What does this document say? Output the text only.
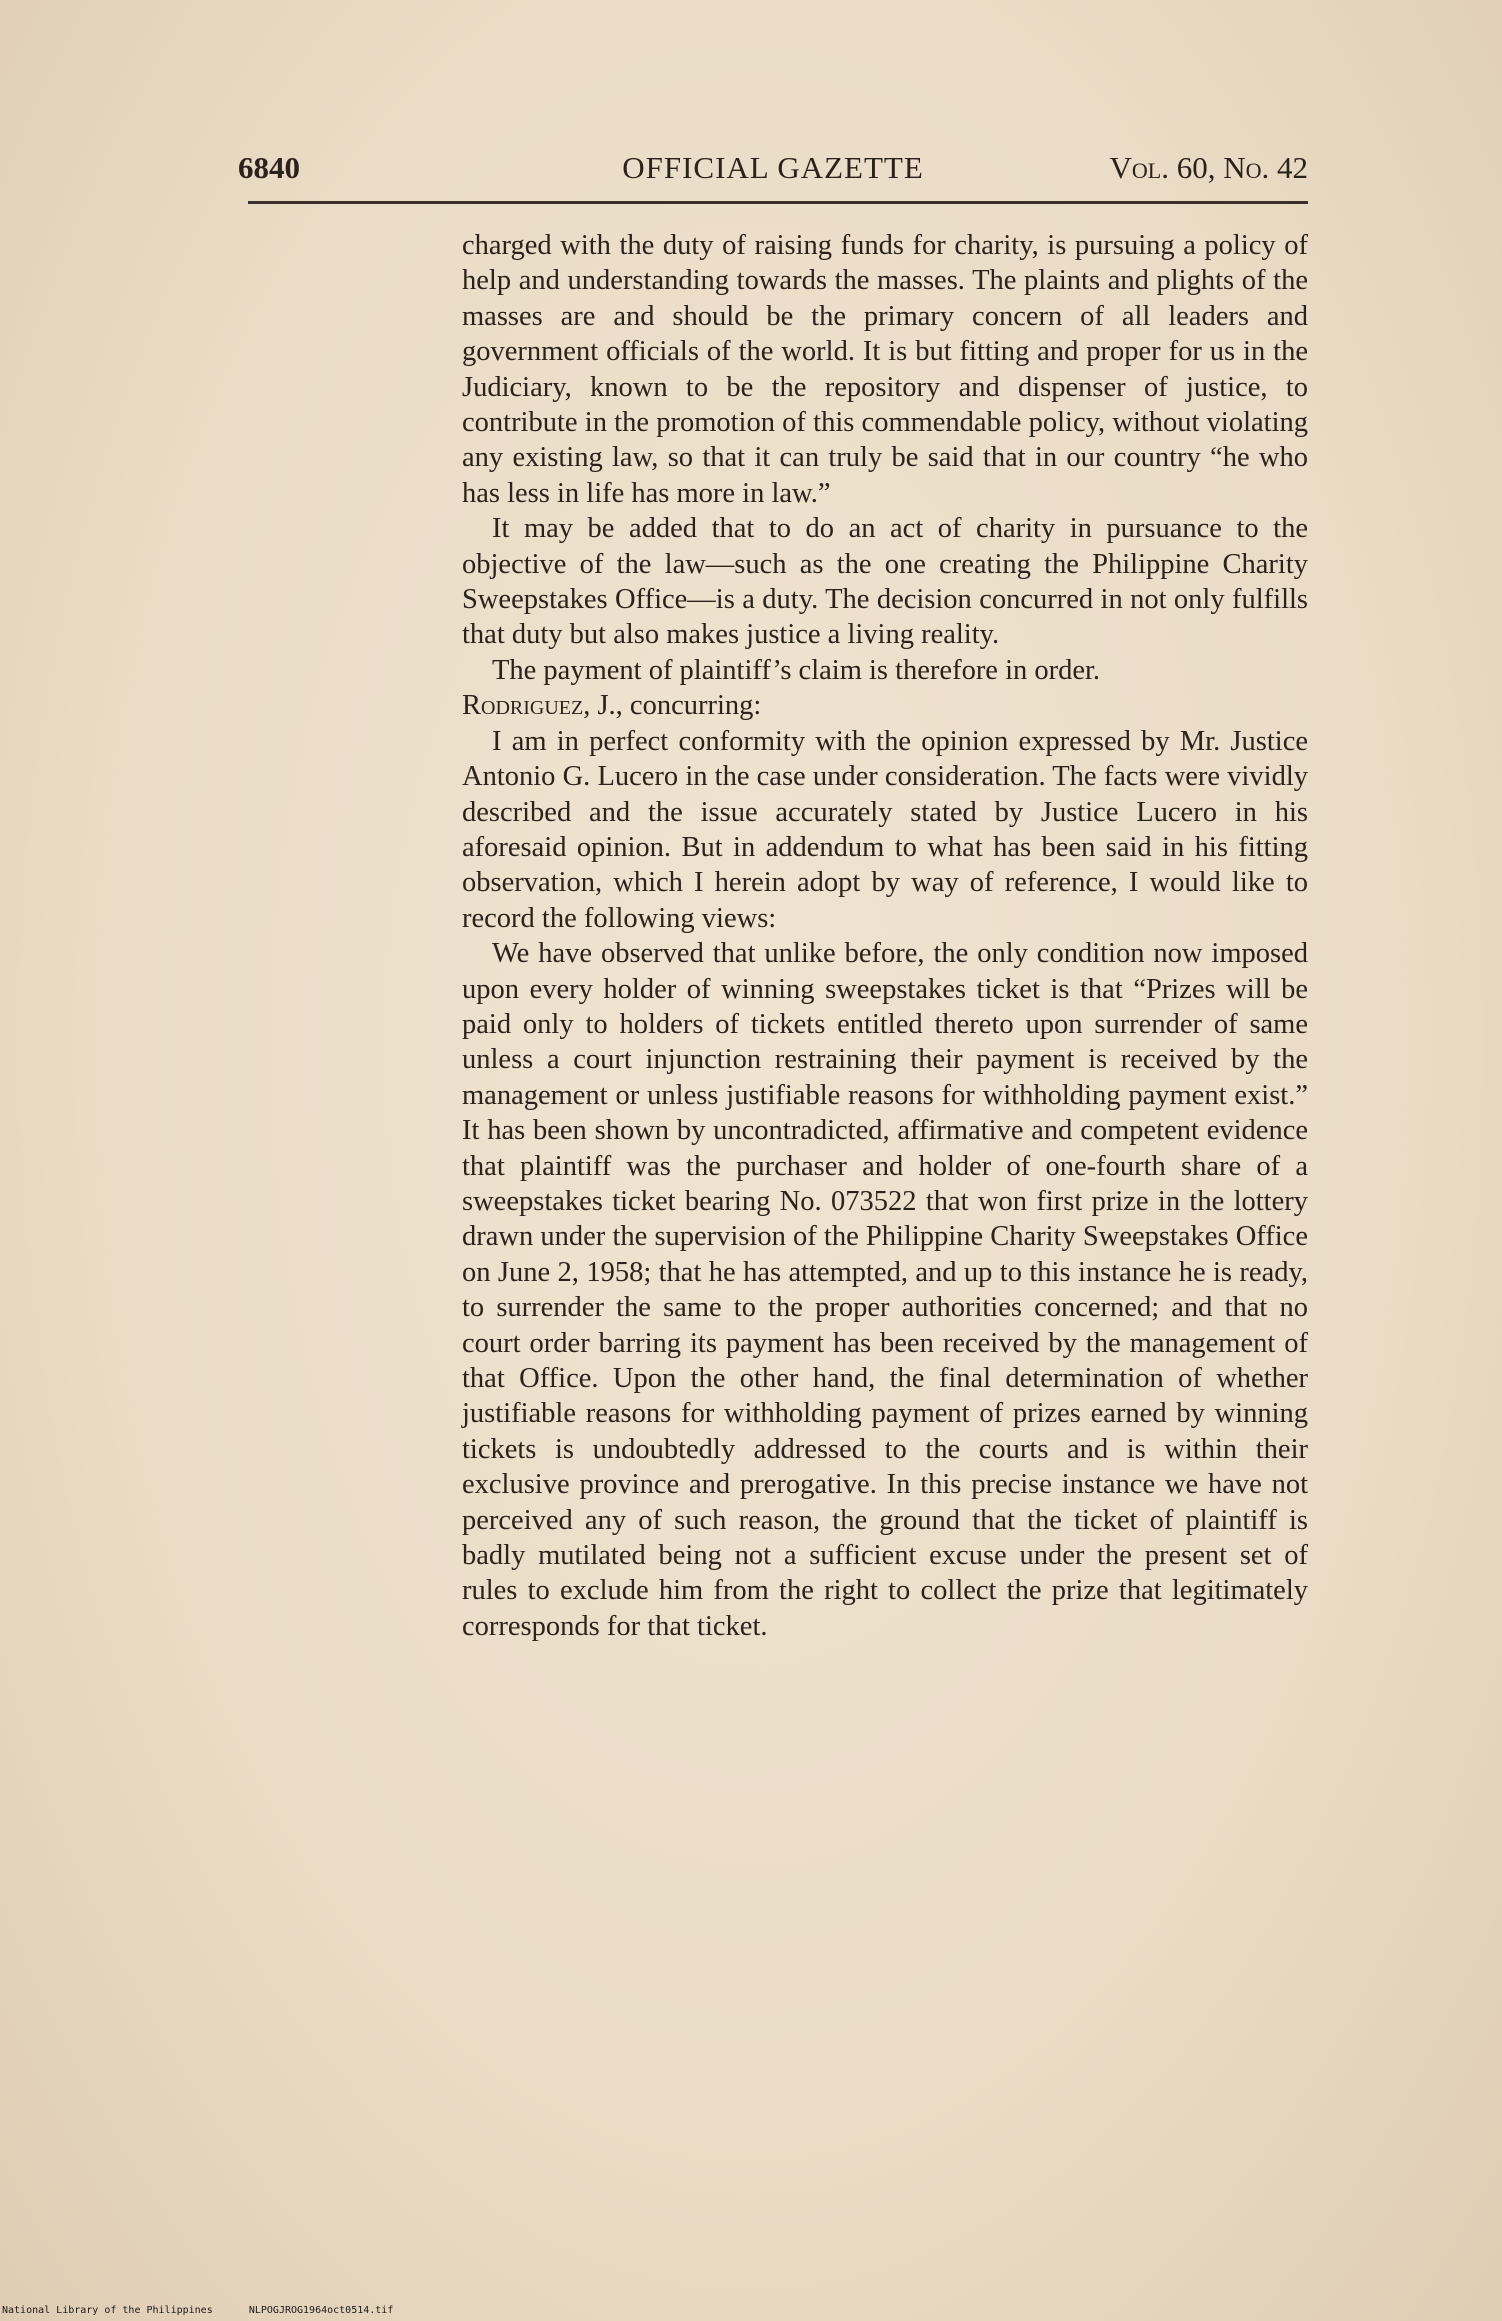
6840	OFFICIAL GAZETTE	Vol. 60, No. 42

charged with the duty of raising funds for charity, is pursuing a policy of help and understanding towards the masses. The plaints and plights of the masses are and should be the primary concern of all leaders and government officials of the world. It is but fitting and proper for us in the Judiciary, known to be the repository and dispenser of justice, to contribute in the promotion of this commendable policy, without violating any existing law, so that it can truly be said that in our country “he who has less in life has more in law.”

It may be added that to do an act of charity in pursuance to the objective of the law—such as the one creating the Philippine Charity Sweepstakes Office—is a duty. The decision concurred in not only fulfills that duty but also makes justice a living reality.

The payment of plaintiff’s claim is therefore in order.

Rodriguez, J., concurring:

I am in perfect conformity with the opinion expressed by Mr. Justice Antonio G. Lucero in the case under consideration. The facts were vividly described and the issue accurately stated by Justice Lucero in his aforesaid opinion. But in addendum to what has been said in his fitting observation, which I herein adopt by way of reference, I would like to record the following views:

We have observed that unlike before, the only condition now imposed upon every holder of winning sweepstakes ticket is that “Prizes will be paid only to holders of tickets entitled thereto upon surrender of same unless a court injunction restraining their payment is received by the management or unless justifiable reasons for withholding payment exist.” It has been shown by uncontradicted, affirmative and competent evidence that plaintiff was the purchaser and holder of one-fourth share of a sweepstakes ticket bearing No. 073522 that won first prize in the lottery drawn under the supervision of the Philippine Charity Sweepstakes Office on June 2, 1958; that he has attempted, and up to this instance he is ready, to surrender the same to the proper authorities concerned; and that no court order barring its payment has been received by the management of that Office. Upon the other hand, the final determination of whether justifiable reasons for withholding payment of prizes earned by winning tickets is undoubtedly addressed to the courts and is within their exclusive province and prerogative. In this precise instance we have not perceived any of such reason, the ground that the ticket of plaintiff is badly mutilated being not a sufficient excuse under the present set of rules to exclude him from the right to collect the prize that legitimately corresponds for that ticket.

National Library of the Philippines	NLPOGJROG1964oct0514.tif
